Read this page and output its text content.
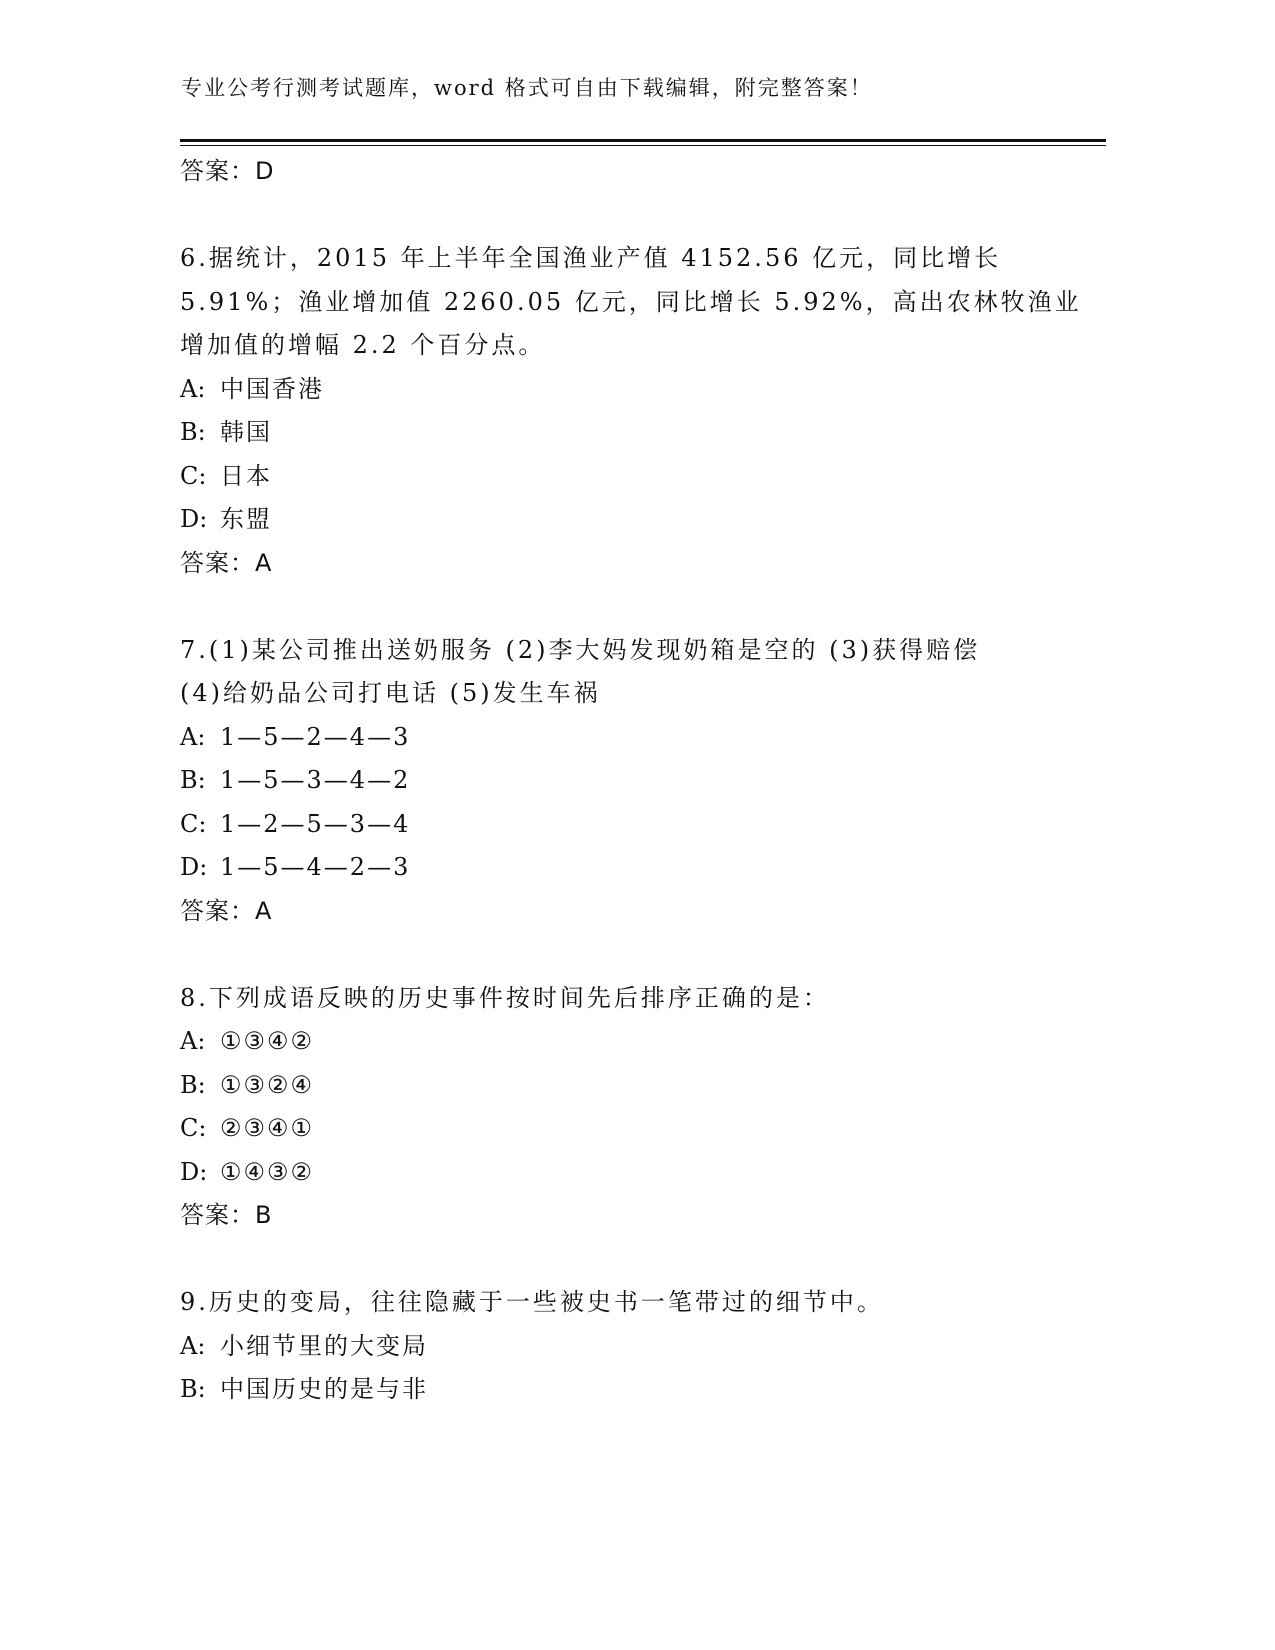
专业公考行测考试题库，word 格式可自由下载编辑，附完整答案！
答案：D
6.据统计，2015 年上半年全国渔业产值 4152.56 亿元，同比增长
5.91%；渔业增加值 2260.05 亿元，同比增长 5.92%，高出农林牧渔业
增加值的增幅 2.2 个百分点。
A: 中国香港
B: 韩国
C: 日本
D: 东盟
答案：A
7.(1)某公司推出送奶服务 (2)李大妈发现奶箱是空的 (3)获得赔偿
(4)给奶品公司打电话 (5)发生车祸
A: 1—5—2—4—3
B: 1—5—3—4—2
C: 1—2—5—3—4
D: 1—5—4—2—3
答案：A
8.下列成语反映的历史事件按时间先后排序正确的是：
A: ①③④②
B: ①③②④
C: ②③④①
D: ①④③②
答案：B
9.历史的变局，往往隐藏于一些被史书一笔带过的细节中。
A: 小细节里的大变局
B: 中国历史的是与非
